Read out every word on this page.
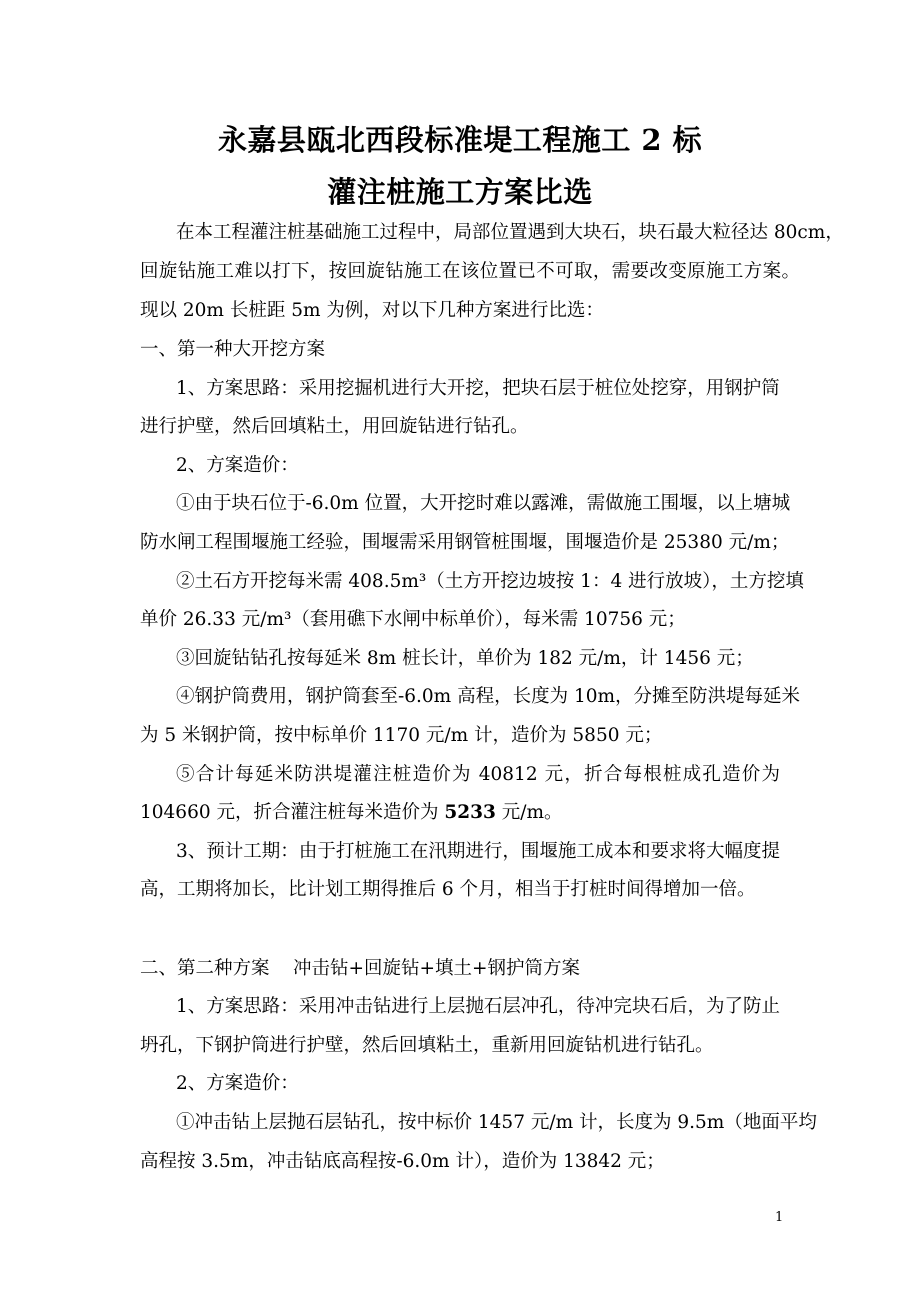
永嘉县瓯北西段标准堤工程施工 2 标
灌注桩施工方案比选
在本工程灌注桩基础施工过程中，局部位置遇到大块石，块石最大粒径达 80cm，
回旋钻施工难以打下，按回旋钻施工在该位置已不可取，需要改变原施工方案。
现以 20m 长桩距 5m 为例，对以下几种方案进行比选：
一、第一种大开挖方案
1、方案思路：采用挖掘机进行大开挖，把块石层于桩位处挖穿，用钢护筒
进行护壁，然后回填粘土，用回旋钻进行钻孔。
2、方案造价：
①由于块石位于-6.0m 位置，大开挖时难以露滩，需做施工围堰，以上塘城
防水闸工程围堰施工经验，围堰需采用钢管桩围堰，围堰造价是 25380 元/m；
②土石方开挖每米需 408.5m³（土方开挖边坡按 1：4 进行放坡），土方挖填
单价 26.33 元/m³（套用礁下水闸中标单价），每米需 10756 元；
③回旋钻钻孔按每延米 8m 桩长计，单价为 182 元/m，计 1456 元；
④钢护筒费用，钢护筒套至-6.0m 高程，长度为 10m，分摊至防洪堤每延米
为 5 米钢护筒，按中标单价 1170 元/m 计，造价为 5850 元；
⑤合计每延米防洪堤灌注桩造价为 40812 元，折合每根桩成孔造价为
104660 元，折合灌注桩每米造价为 5233 元/m。
3、预计工期：由于打桩施工在汛期进行，围堰施工成本和要求将大幅度提
高，工期将加长，比计划工期得推后 6 个月，相当于打桩时间得增加一倍。
二、第二种方案    冲击钻+回旋钻+填土+钢护筒方案
1、方案思路：采用冲击钻进行上层抛石层冲孔，待冲完块石后，为了防止
坍孔，下钢护筒进行护壁，然后回填粘土，重新用回旋钻机进行钻孔。
2、方案造价：
①冲击钻上层抛石层钻孔，按中标价 1457 元/m 计，长度为 9.5m（地面平均
高程按 3.5m，冲击钻底高程按-6.0m 计），造价为 13842 元；
1
